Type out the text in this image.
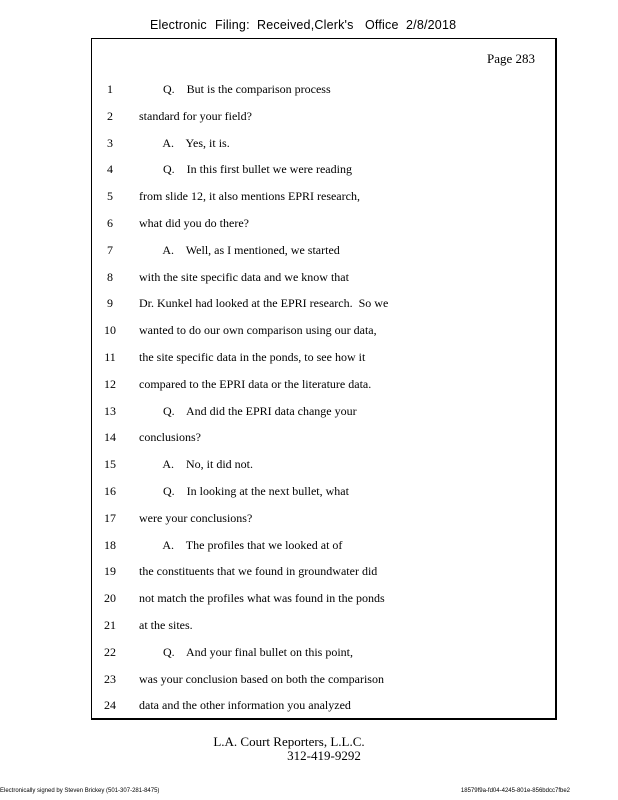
Electronic Filing: Received,Clerk's Office 2/8/2018
Page 283
1	Q.    But is the comparison process
2	standard for your field?
3	A.    Yes, it is.
4	Q.    In this first bullet we were reading
5	from slide 12, it also mentions EPRI research,
6	what did you do there?
7	A.    Well, as I mentioned, we started
8	with the site specific data and we know that
9	Dr. Kunkel had looked at the EPRI research.  So we
10	wanted to do our own comparison using our data,
11	the site specific data in the ponds, to see how it
12	compared to the EPRI data or the literature data.
13	Q.    And did the EPRI data change your
14	conclusions?
15	A.    No, it did not.
16	Q.    In looking at the next bullet, what
17	were your conclusions?
18	A.    The profiles that we looked at of
19	the constituents that we found in groundwater did
20	not match the profiles what was found in the ponds
21	at the sites.
22	Q.    And your final bullet on this point,
23	was your conclusion based on both the comparison
24	data and the other information you analyzed
L.A. Court Reporters, L.L.C.
312-419-9292
Electronically signed by Steven Brickey (501-307-281-8475)	18579f9a-fd04-4245-801e-856bdcc7fbe2
